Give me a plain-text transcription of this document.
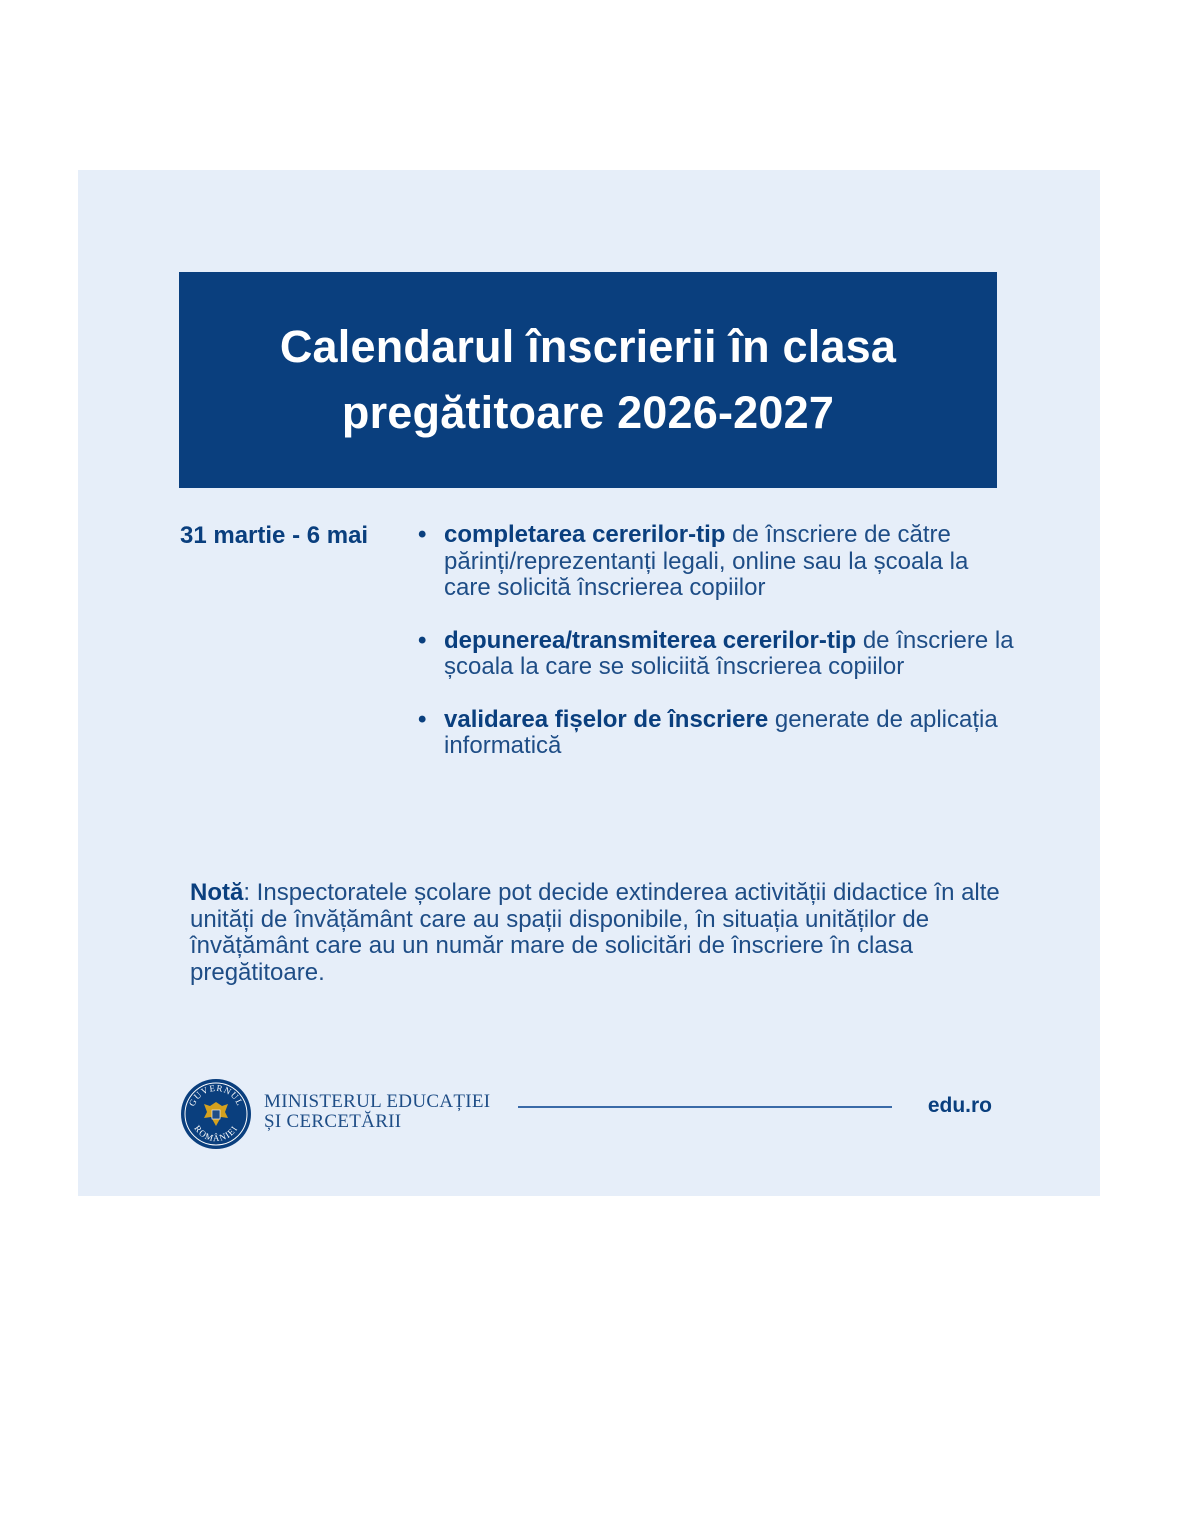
Calendarul înscrierii în clasa
pregătitoare 2026-2027
31 martie - 6 mai • completarea cererilor-tip de înscriere de către părinți/reprezentanți legali, online sau la școala la care solicită înscrierea copiilor
• depunerea/transmiterea cererilor-tip de înscriere la școala la care se soliciită înscrierea copiilor
• validarea fișelor de înscriere generate de aplicația informatică
Notă: Inspectoratele școlare pot decide extinderea activității didactice în alte unități de învățământ care au spații disponibile, în situația unităților de învățământ care au un număr mare de solicitări de înscriere în clasa pregătitoare.
GUVERNUL
ROMÂNIEI
MINISTERUL EDUCAȚIEI
ȘI CERCETĂRII
edu.ro
